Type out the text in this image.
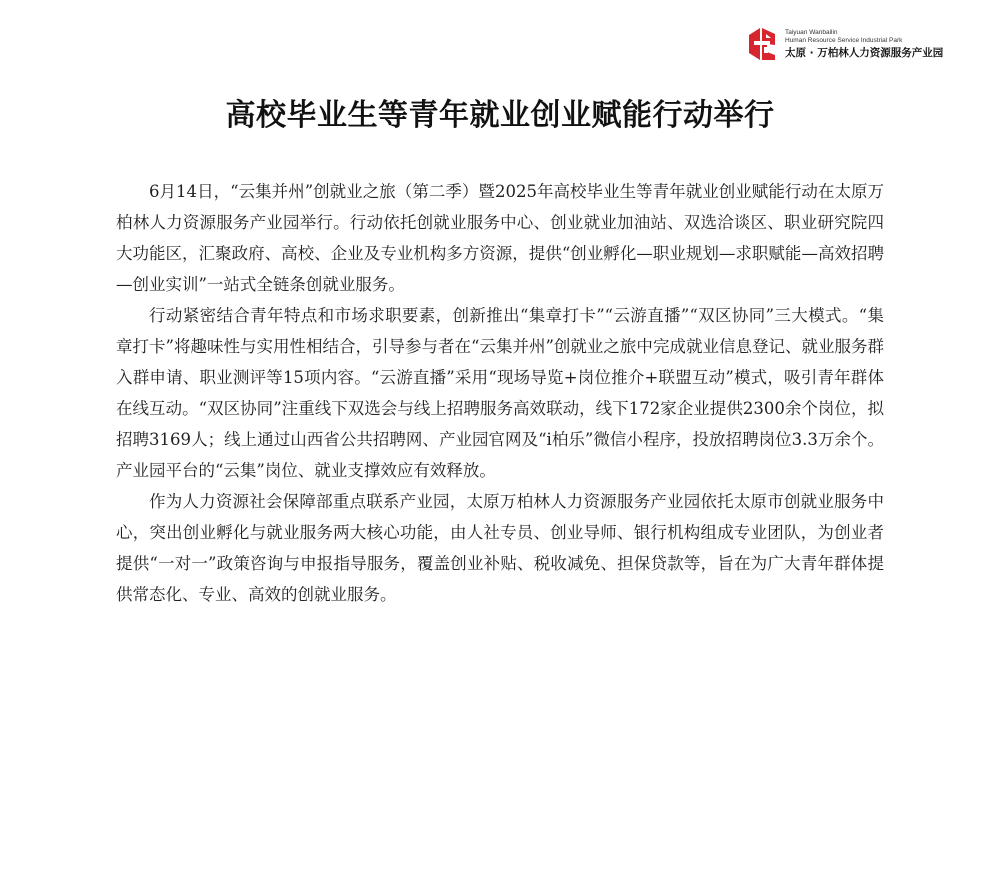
Taiyuan Wanbailin
Human Resource Service Industrial Park
太原 · 万柏林人力资源服务产业园
高校毕业生等青年就业创业赋能行动举行

6月14日，“云集并州”创就业之旅（第二季）暨2025年高校毕业生等青年就业创业赋能行动在太原万柏林人力资源服务产业园举行。行动依托创就业服务中心、创业就业加油站、双选洽谈区、职业研究院四大功能区，汇聚政府、高校、企业及专业机构多方资源，提供“创业孵化—职业规划—求职赋能—高效招聘—创业实训”一站式全链条创就业服务。

行动紧密结合青年特点和市场求职要素，创新推出“集章打卡”“云游直播”“双区协同”三大模式。“集章打卡”将趣味性与实用性相结合，引导参与者在“云集并州”创就业之旅中完成就业信息登记、就业服务群入群申请、职业测评等15项内容。“云游直播”采用“现场导览+岗位推介+联盟互动”模式，吸引青年群体在线互动。“双区协同”注重线下双选会与线上招聘服务高效联动，线下172家企业提供2300余个岗位，拟招聘3169人；线上通过山西省公共招聘网、产业园官网及“i柏乐”微信小程序，投放招聘岗位3.3万余个。产业园平台的“云集”岗位、就业支撑效应有效释放。

作为人力资源社会保障部重点联系产业园，太原万柏林人力资源服务产业园依托太原市创就业服务中心，突出创业孵化与就业服务两大核心功能，由人社专员、创业导师、银行机构组成专业团队，为创业者提供“一对一”政策咨询与申报指导服务，覆盖创业补贴、税收减免、担保贷款等，旨在为广大青年群体提供常态化、专业、高效的创就业服务。
